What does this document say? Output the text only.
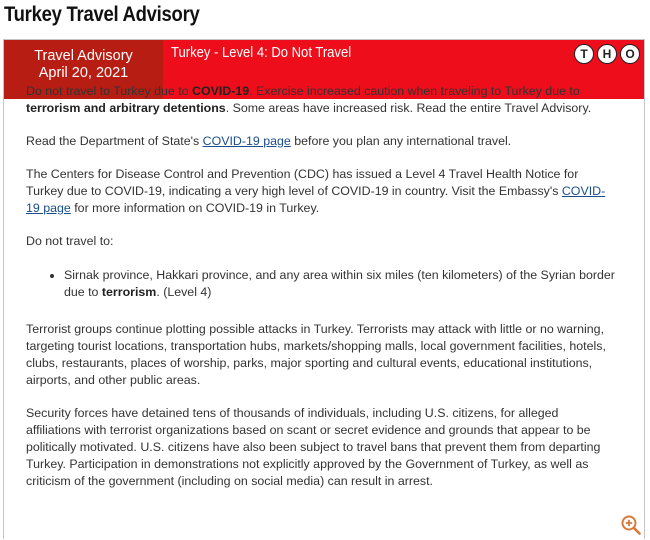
Turkey Travel Advisory
Travel Advisory
April 20, 2021
Turkey - Level 4: Do Not Travel	T	H	O

Do not travel to Turkey due to COVID-19. Exercise increased caution when traveling to Turkey due to terrorism and arbitrary detentions. Some areas have increased risk. Read the entire Travel Advisory.

Read the Department of State's COVID-19 page before you plan any international travel.

The Centers for Disease Control and Prevention (CDC) has issued a Level 4 Travel Health Notice for Turkey due to COVID-19, indicating a very high level of COVID-19 in country. Visit the Embassy's COVID-19 page for more information on COVID-19 in Turkey.

Do not travel to:

• Sirnak province, Hakkari province, and any area within six miles (ten kilometers) of the Syrian border due to terrorism. (Level 4)

Terrorist groups continue plotting possible attacks in Turkey. Terrorists may attack with little or no warning, targeting tourist locations, transportation hubs, markets/shopping malls, local government facilities, hotels, clubs, restaurants, places of worship, parks, major sporting and cultural events, educational institutions, airports, and other public areas.

Security forces have detained tens of thousands of individuals, including U.S. citizens, for alleged affiliations with terrorist organizations based on scant or secret evidence and grounds that appear to be politically motivated. U.S. citizens have also been subject to travel bans that prevent them from departing Turkey. Participation in demonstrations not explicitly approved by the Government of Turkey, as well as criticism of the government (including on social media) can result in arrest.
